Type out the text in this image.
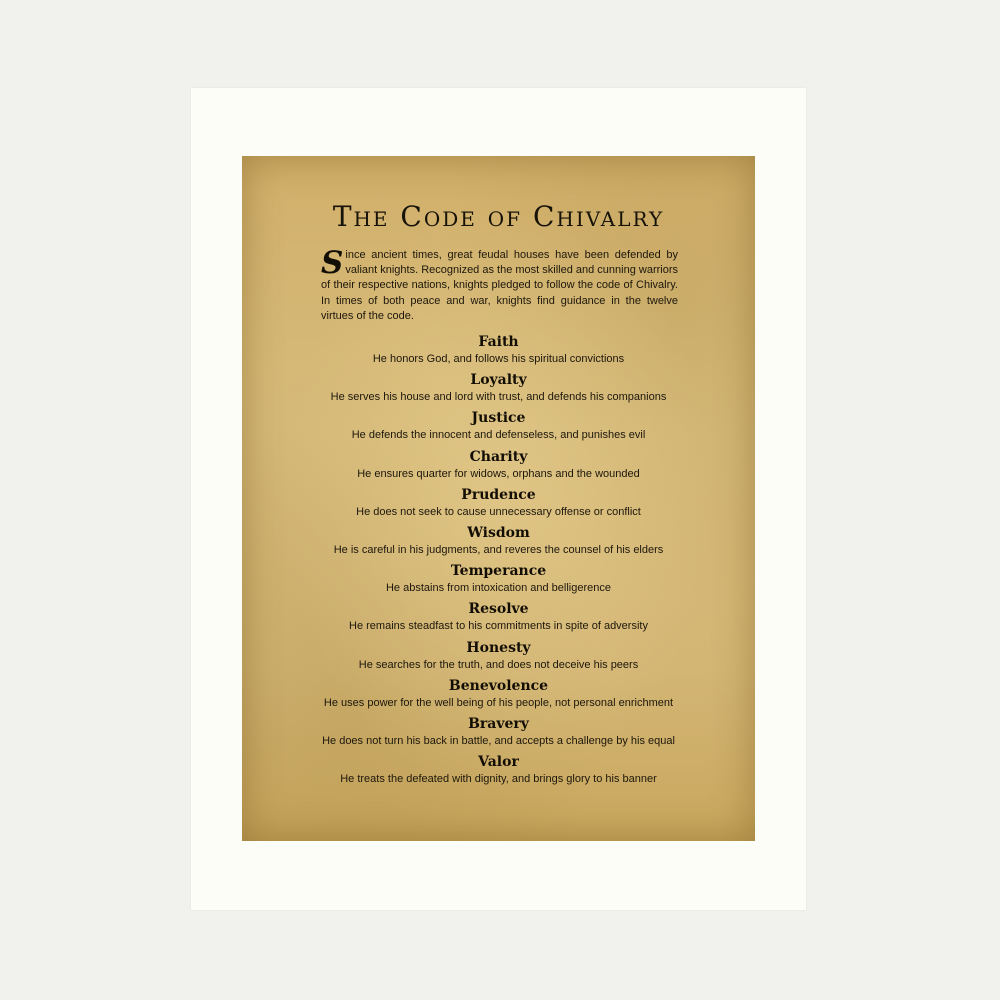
The Code of Chivalry
Since ancient times, great feudal houses have been defended by valiant knights. Recognized as the most skilled and cunning warriors of their respective nations, knights pledged to follow the code of Chivalry. In times of both peace and war, knights find guidance in the twelve virtues of the code.
Faith
He honors God, and follows his spiritual convictions
Loyalty
He serves his house and lord with trust, and defends his companions
Justice
He defends the innocent and defenseless, and punishes evil
Charity
He ensures quarter for widows, orphans and the wounded
Prudence
He does not seek to cause unnecessary offense or conflict
Wisdom
He is careful in his judgments, and reveres the counsel of his elders
Temperance
He abstains from intoxication and belligerence
Resolve
He remains steadfast to his commitments in spite of adversity
Honesty
He searches for the truth, and does not deceive his peers
Benevolence
He uses power for the well being of his people, not personal enrichment
Bravery
He does not turn his back in battle, and accepts a challenge by his equal
Valor
He treats the defeated with dignity, and brings glory to his banner
